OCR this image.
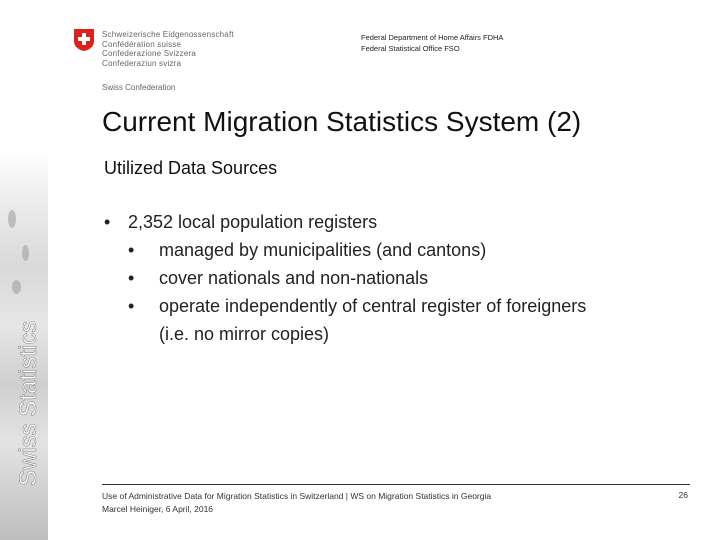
Swiss Statistics
Schweizerische Eidgenossenschaft
Confédération suisse
Confederazione Svizzera
Confederaziun svizra
Swiss Confederation
Federal Department of Home Affairs FDHA
Federal Statistical Office FSO
Current Migration Statistics System (2)
Utilized Data Sources
• 2,352 local population registers
• managed by municipalities (and cantons)
• cover nationals and non-nationals
• operate independently of central register of foreigners
(i.e. no mirror copies)
Use of Administrative Data for Migration Statistics in Switzerland | WS on Migration Statistics in Georgia
Marcel Heiniger, 6 April, 2016
26
